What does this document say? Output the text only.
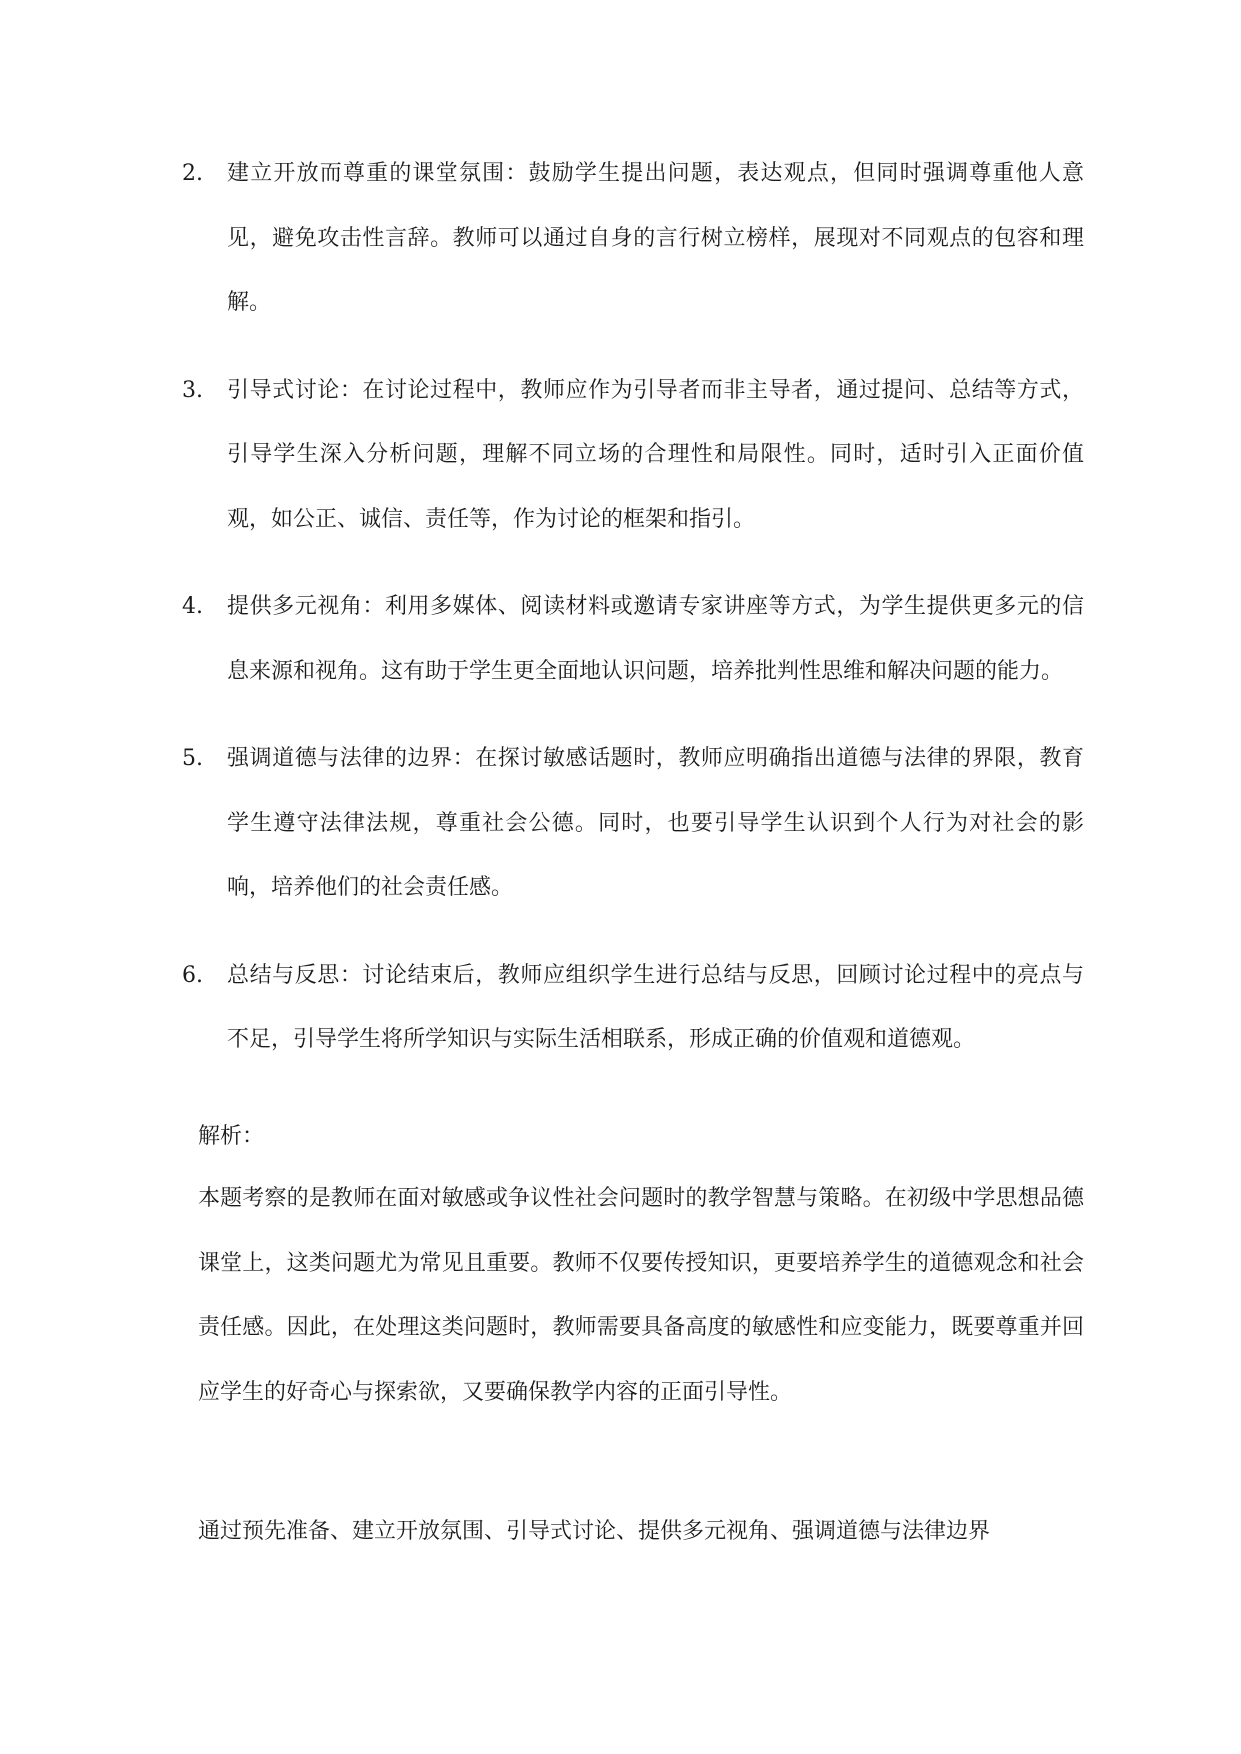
2.	建立开放而尊重的课堂氛围：鼓励学生提出问题，表达观点，但同时强调尊重他人意见，避免攻击性言辞。教师可以通过自身的言行树立榜样，展现对不同观点的包容和理解。
3.	引导式讨论：在讨论过程中，教师应作为引导者而非主导者，通过提问、总结等方式，引导学生深入分析问题，理解不同立场的合理性和局限性。同时，适时引入正面价值观，如公正、诚信、责任等，作为讨论的框架和指引。
4.	提供多元视角：利用多媒体、阅读材料或邀请专家讲座等方式，为学生提供更多元的信息来源和视角。这有助于学生更全面地认识问题，培养批判性思维和解决问题的能力。
5.	强调道德与法律的边界：在探讨敏感话题时，教师应明确指出道德与法律的界限，教育学生遵守法律法规，尊重社会公德。同时，也要引导学生认识到个人行为对社会的影响，培养他们的社会责任感。
6.	总结与反思：讨论结束后，教师应组织学生进行总结与反思，回顾讨论过程中的亮点与不足，引导学生将所学知识与实际生活相联系，形成正确的价值观和道德观。
解析：

本题考察的是教师在面对敏感或争议性社会问题时的教学智慧与策略。在初级中学思想品德课堂上，这类问题尤为常见且重要。教师不仅要传授知识，更要培养学生的道德观念和社会责任感。因此，在处理这类问题时，教师需要具备高度的敏感性和应变能力，既要尊重并回应学生的好奇心与探索欲，又要确保教学内容的正面引导性。

通过预先准备、建立开放氛围、引导式讨论、提供多元视角、强调道德与法律边界
